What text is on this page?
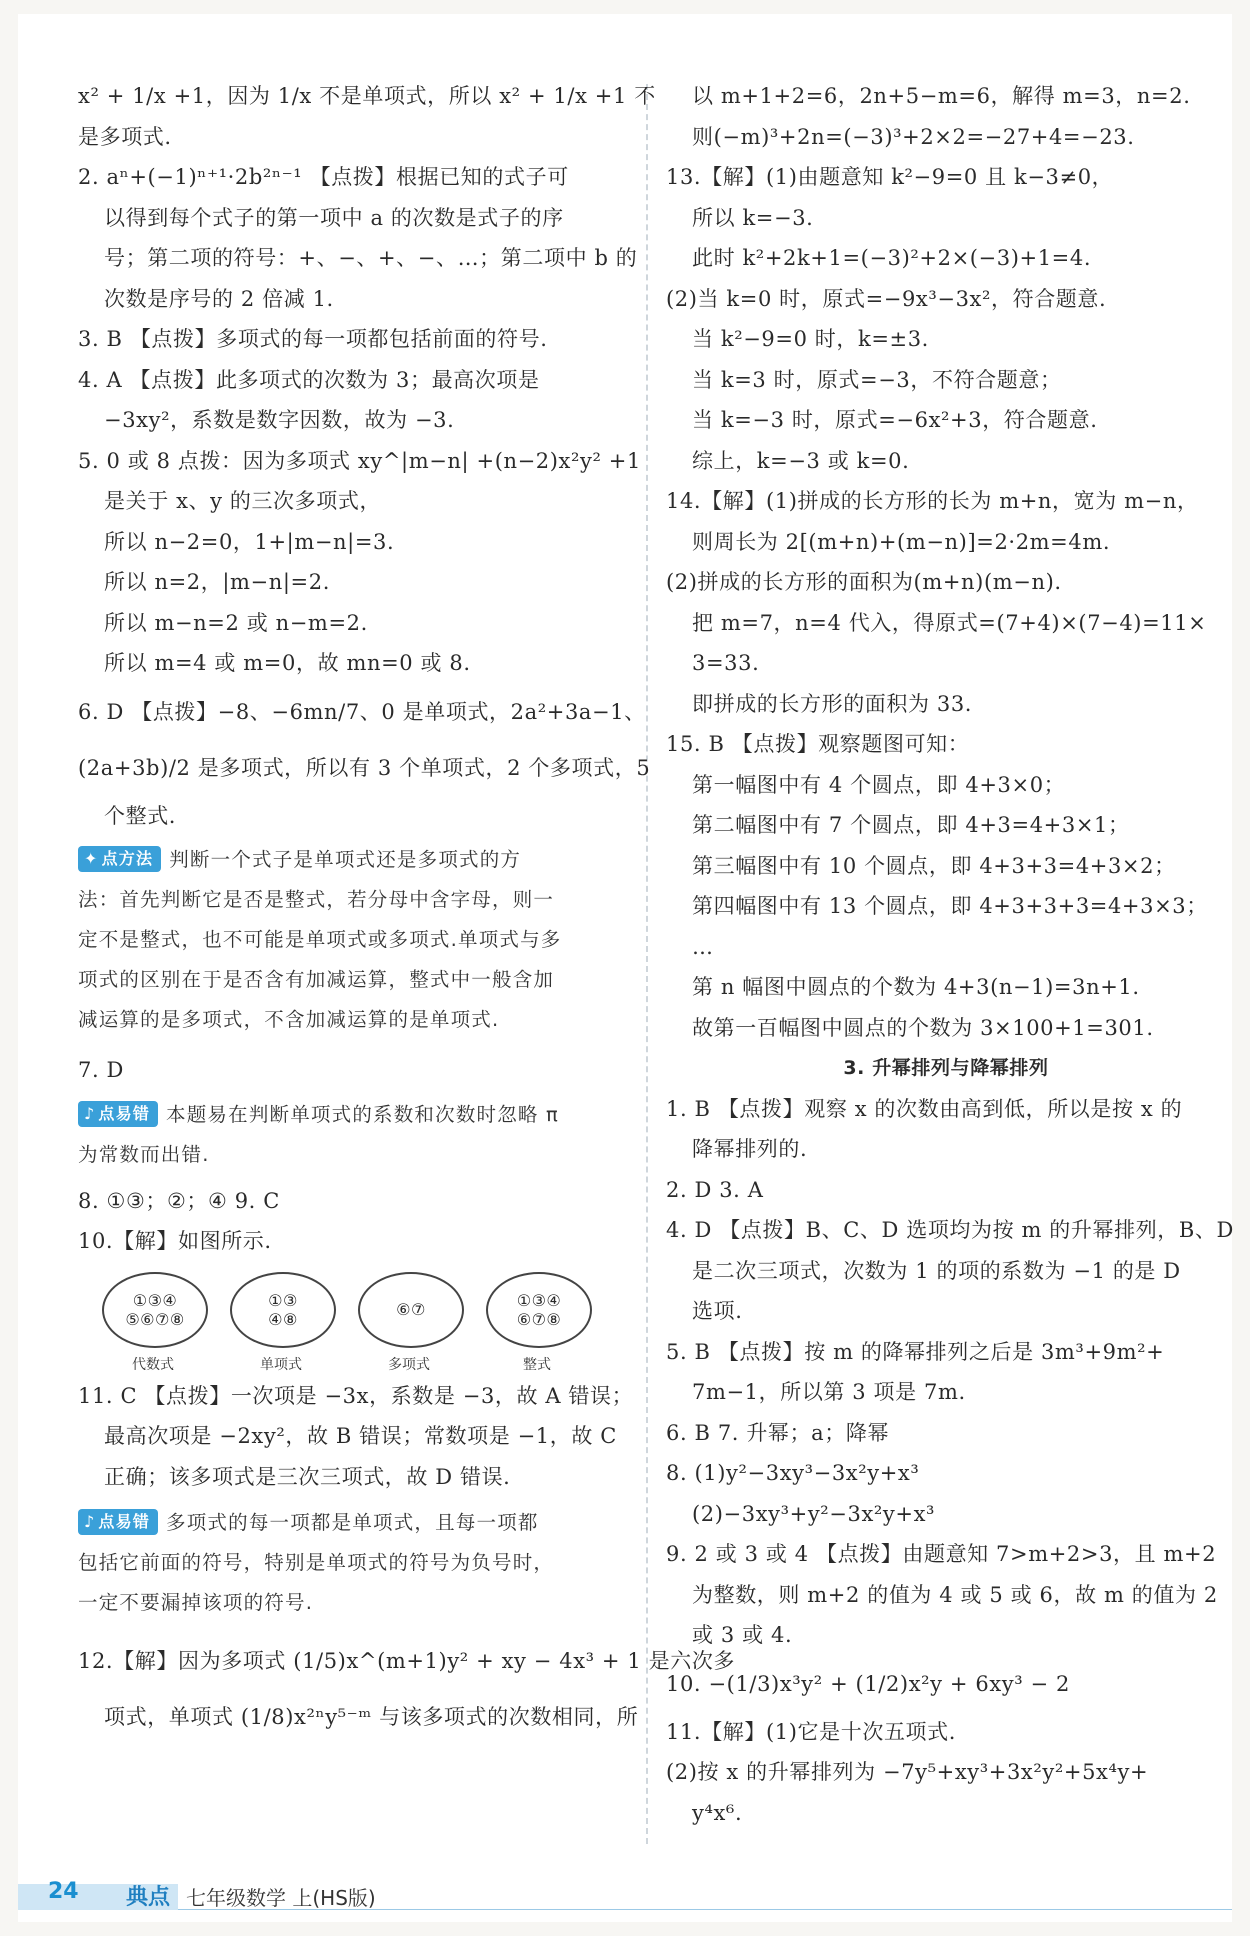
x² + 1/x +1，因为 1/x 不是单项式，所以 x² + 1/x +1 不
是多项式.
2. aⁿ+(−1)ⁿ⁺¹·2b²ⁿ⁻¹ 【点拨】根据已知的式子可
以得到每个式子的第一项中 a 的次数是式子的序
号；第二项的符号：+、−、+、−、…；第二项中 b 的
次数是序号的 2 倍减 1.
3. B 【点拨】多项式的每一项都包括前面的符号.
4. A 【点拨】此多项式的次数为 3；最高次项是
−3xy²，系数是数字因数，故为 −3.
5. 0 或 8 点拨：因为多项式 xy^|m−n| +(n−2)x²y² +1
是关于 x、y 的三次多项式，
所以 n−2=0，1+|m−n|=3.
所以 n=2，|m−n|=2.
所以 m−n=2 或 n−m=2.
所以 m=4 或 m=0，故 mn=0 或 8.
6. D 【点拨】−8、−6mn/7、0 是单项式，2a²+3a−1、
(2a+3b)/2 是多项式，所以有 3 个单项式，2 个多项式，5
个整式.
✦ 点方法 判断一个式子是单项式还是多项式的方
法：首先判断它是否是整式，若分母中含字母，则一
定不是整式，也不可能是单项式或多项式.单项式与多
项式的区别在于是否含有加减运算，整式中一般含加
减运算的是多项式，不含加减运算的是单项式.
7. D
♪ 点易错 本题易在判断单项式的系数和次数时忽略 π
为常数而出错.
8. ①③；②；④ 9. C
10.【解】如图所示.
①③④
⑤⑥⑦⑧
代数式
①③
④⑧
单项式
⑥⑦
多项式
①③④
⑥⑦⑧
整式
11. C 【点拨】一次项是 −3x，系数是 −3，故 A 错误；
最高次项是 −2xy²，故 B 错误；常数项是 −1，故 C
正确；该多项式是三次三项式，故 D 错误.
♪ 点易错 多项式的每一项都是单项式，且每一项都
包括它前面的符号，特别是单项式的符号为负号时，
一定不要漏掉该项的符号.
12.【解】因为多项式 (1/5)x^(m+1)y² + xy − 4x³ + 1 是六次多
项式，单项式 (1/8)x²ⁿy⁵⁻ᵐ 与该多项式的次数相同，所
以 m+1+2=6，2n+5−m=6，解得 m=3，n=2.
则(−m)³+2n=(−3)³+2×2=−27+4=−23.
13.【解】(1)由题意知 k²−9=0 且 k−3≠0，
所以 k=−3.
此时 k²+2k+1=(−3)²+2×(−3)+1=4.
(2)当 k=0 时，原式=−9x³−3x²，符合题意.
当 k²−9=0 时，k=±3.
当 k=3 时，原式=−3，不符合题意；
当 k=−3 时，原式=−6x²+3，符合题意.
综上，k=−3 或 k=0.
14.【解】(1)拼成的长方形的长为 m+n，宽为 m−n，
则周长为 2[(m+n)+(m−n)]=2·2m=4m.
(2)拼成的长方形的面积为(m+n)(m−n).
把 m=7，n=4 代入，得原式=(7+4)×(7−4)=11×
3=33.
即拼成的长方形的面积为 33.
15. B 【点拨】观察题图可知：
第一幅图中有 4 个圆点，即 4+3×0；
第二幅图中有 7 个圆点，即 4+3=4+3×1；
第三幅图中有 10 个圆点，即 4+3+3=4+3×2；
第四幅图中有 13 个圆点，即 4+3+3+3=4+3×3；
…
第 n 幅图中圆点的个数为 4+3(n−1)=3n+1.
故第一百幅图中圆点的个数为 3×100+1=301.
3. 升幂排列与降幂排列
1. B 【点拨】观察 x 的次数由高到低，所以是按 x 的
降幂排列的.
2. D 3. A
4. D 【点拨】B、C、D 选项均为按 m 的升幂排列，B、D
是二次三项式，次数为 1 的项的系数为 −1 的是 D
选项.
5. B 【点拨】按 m 的降幂排列之后是 3m³+9m²+
7m−1，所以第 3 项是 7m.
6. B 7. 升幂；a；降幂
8. (1)y²−3xy³−3x²y+x³
(2)−3xy³+y²−3x²y+x³
9. 2 或 3 或 4 【点拨】由题意知 7>m+2>3，且 m+2
为整数，则 m+2 的值为 4 或 5 或 6，故 m 的值为 2
或 3 或 4.
10. −(1/3)x³y² + (1/2)x²y + 6xy³ − 2
11.【解】(1)它是十次五项式.
(2)按 x 的升幂排列为 −7y⁵+xy³+3x²y²+5x⁴y+
y⁴x⁶.
24 典点 七年级数学 上(HS版)
